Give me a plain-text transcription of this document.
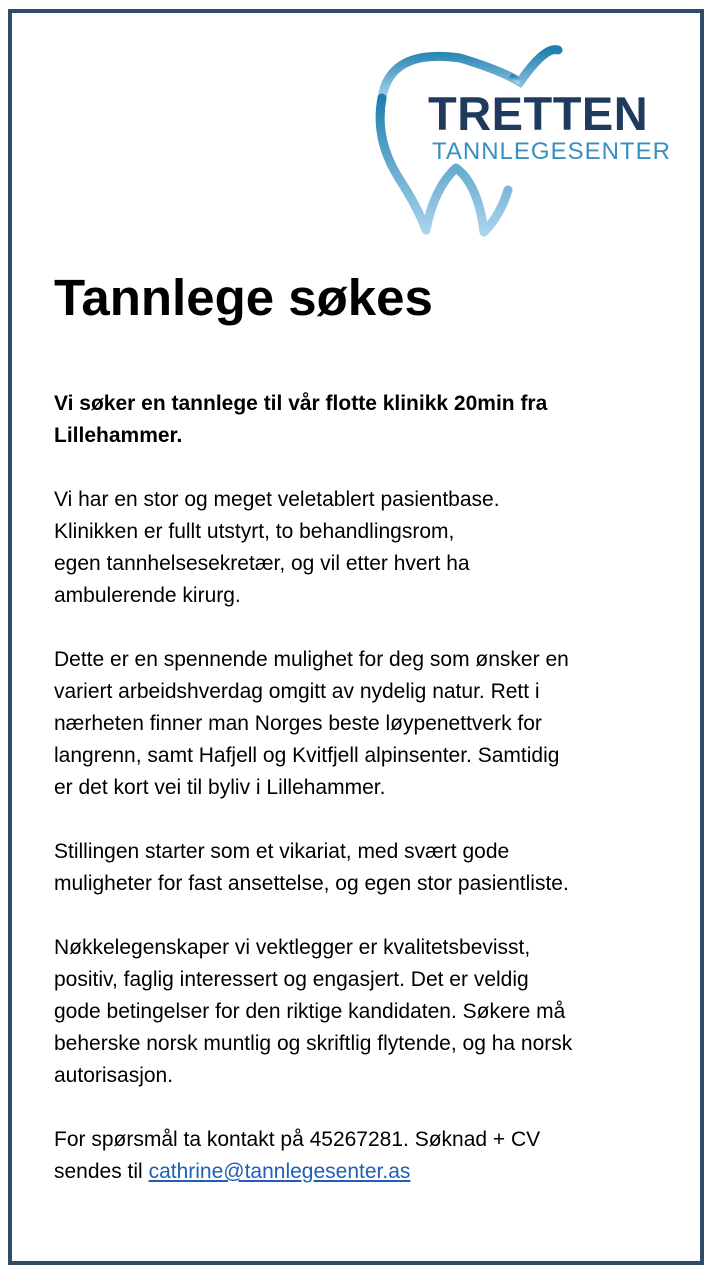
TRETTEN
TANNLEGESENTER
Tannlege søkes

Vi søker en tannlege til vår flotte klinikk 20min fra
Lillehammer.

Vi har en stor og meget veletablert pasientbase.
Klinikken er fullt utstyrt, to behandlingsrom,
egen tannhelsesekretær, og vil etter hvert ha
ambulerende kirurg.

Dette er en spennende mulighet for deg som ønsker en
variert arbeidshverdag omgitt av nydelig natur. Rett i
nærheten finner man Norges beste løypenettverk for
langrenn, samt Hafjell og Kvitfjell alpinsenter. Samtidig
er det kort vei til byliv i Lillehammer.

Stillingen starter som et vikariat, med svært gode
muligheter for fast ansettelse, og egen stor pasientliste.

Nøkkelegenskaper vi vektlegger er kvalitetsbevisst,
positiv, faglig interessert og engasjert. Det er veldig
gode betingelser for den riktige kandidaten. Søkere må
beherske norsk muntlig og skriftlig flytende, og ha norsk
autorisasjon.

For spørsmål ta kontakt på 45267281. Søknad + CV
sendes til cathrine@tannlegesenter.as
